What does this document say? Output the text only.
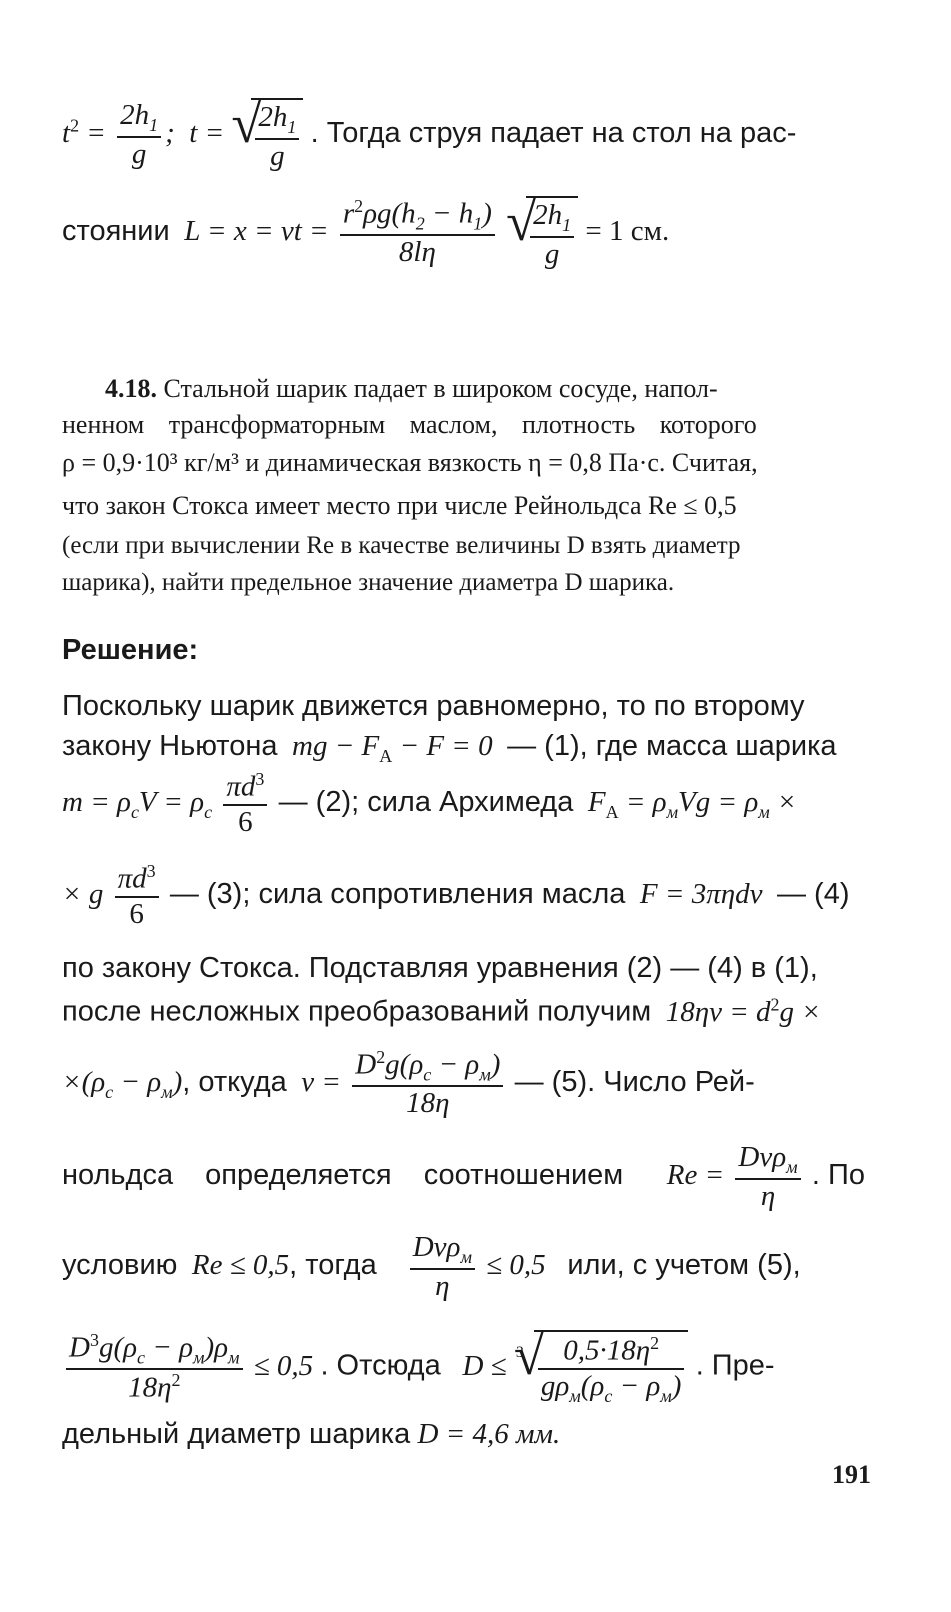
$t^2 = \frac{2h_1}{g}$ ;  t = √ $\frac{2h_1}{g}$ . Тогда струя падает на стол на рас-
стоянии  L = x = vt = $\frac{r^2\rho g(h_2 - h_1)}{8l\eta}$
√ $\frac{2h_1}{g} = 1$ см.
4.18. Стальной шарик падает в широком сосуде, напол-
ненном трансформаторным маслом, плотность которого
ρ = 0,9·10³ кг/м³ и динамическая вязкость η = 0,8 Па·с. Считая,
что закон Стокса имеет место при числе Рейнольдса Re ≤ 0,5
(если при вычислении Re в качестве величины D взять диаметр
шарика), найти предельное значение диаметра D шарика.
Решение:
Поскольку шарик движется равномерно, то по второму
закону Ньютона  mg − $F_A - F = 0$  — (1), где масса шарика
$m = \rho_cV = \rho_c \frac{\pi d^3}{6}$ — (2); сила Архимеда  $F_A = \rho_мVg = \rho_м$ ×
× g $\frac{\pi d^3}{6}$ — (3); сила сопротивления масла  F = 3πηdv  — (4)
по закону Стокса. Подставляя уравнения (2) — (4) в (1),
после несложных преобразований получим  $18\eta v = d^2g$ ×
$\times(\rho_c - \rho_м)$, откуда  $v = \frac{D^2g(\rho_c - \rho_м)}{18\eta}$ — (5). Число Рей-
нольдса определяется соотношением      $Re = \frac{Dv\rho_м}{\eta}$ . По
условию  Re ≤ 0,5, тогда $\frac{Dv\rho_м}{\eta} \le 0,5$   или, с учетом (5),
$\frac{D^3g(\rho_c - \rho_м)\rho_м}{18\eta^2} \le 0,5$ . Отсюда   D ≤ √ $3 \frac{0,5\cdot 18\eta^2}{g\rho_м(\rho_c - \rho_м)}$ . Пре-
дельный диаметр шарика D = 4,6 мм.
191
